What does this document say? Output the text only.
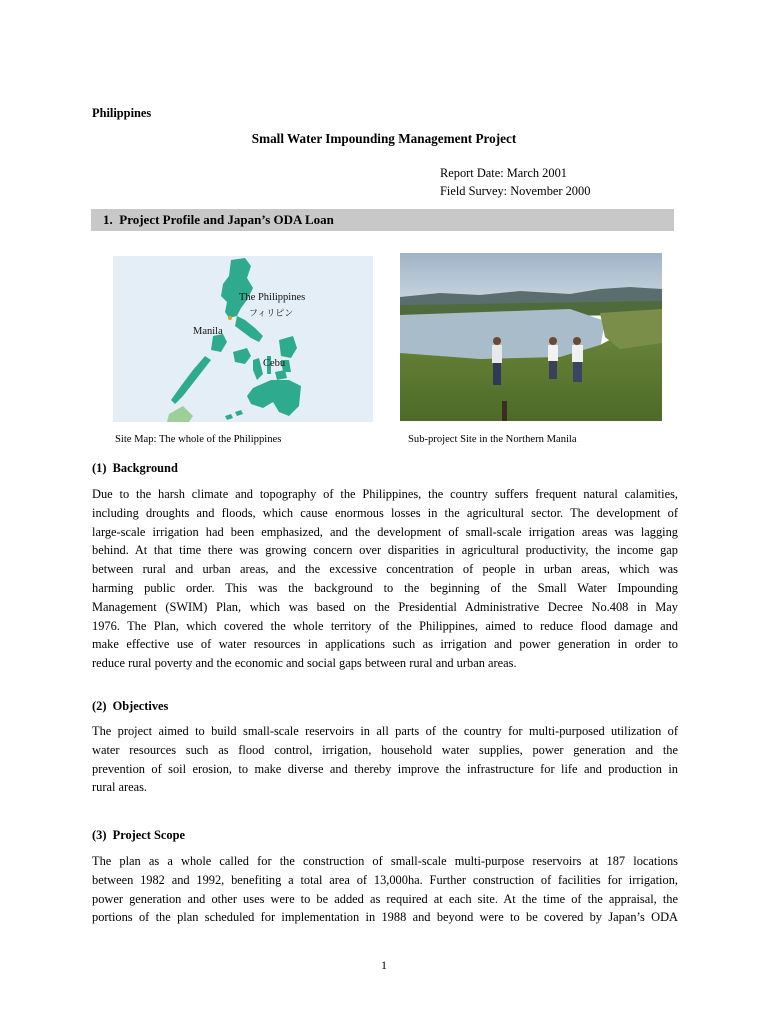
Philippines
Small Water Impounding Management Project
Report Date: March 2001
Field Survey: November 2000
1.  Project Profile and Japan’s ODA Loan
The Philippines
フィリピン
Manila
Cebu
Site Map: The whole of the Philippines	Sub-project Site in the Northern Manila
(1)  Background
Due to the harsh climate and topography of the Philippines, the country suffers frequent natural calamities,
including droughts and floods, which cause enormous losses in the agricultural sector. The development of
large-scale irrigation had been emphasized, and the development of small-scale irrigation areas was lagging
behind. At that time there was growing concern over disparities in agricultural productivity, the income gap
between rural and urban areas, and the excessive concentration of people in urban areas, which was
harming public order. This was the background to the beginning of the Small Water Impounding
Management (SWIM) Plan, which was based on the Presidential Administrative Decree No.408 in May
1976. The Plan, which covered the whole territory of the Philippines, aimed to reduce flood damage and
make effective use of water resources in applications such as irrigation and power generation in order to
reduce rural poverty and the economic and social gaps between rural and urban areas.
(2)  Objectives
The project aimed to build small-scale reservoirs in all parts of the country for multi-purposed utilization of
water resources such as flood control, irrigation, household water supplies, power generation and the
prevention of soil erosion, to make diverse and thereby improve the infrastructure for life and production in
rural areas.
(3)  Project Scope
The plan as a whole called for the construction of small-scale multi-purpose reservoirs at 187 locations
between 1982 and 1992, benefiting a total area of 13,000ha. Further construction of facilities for irrigation,
power generation and other uses were to be added as required at each site. At the time of the appraisal, the
portions of the plan scheduled for implementation in 1988 and beyond were to be covered by Japan’s ODA
1
